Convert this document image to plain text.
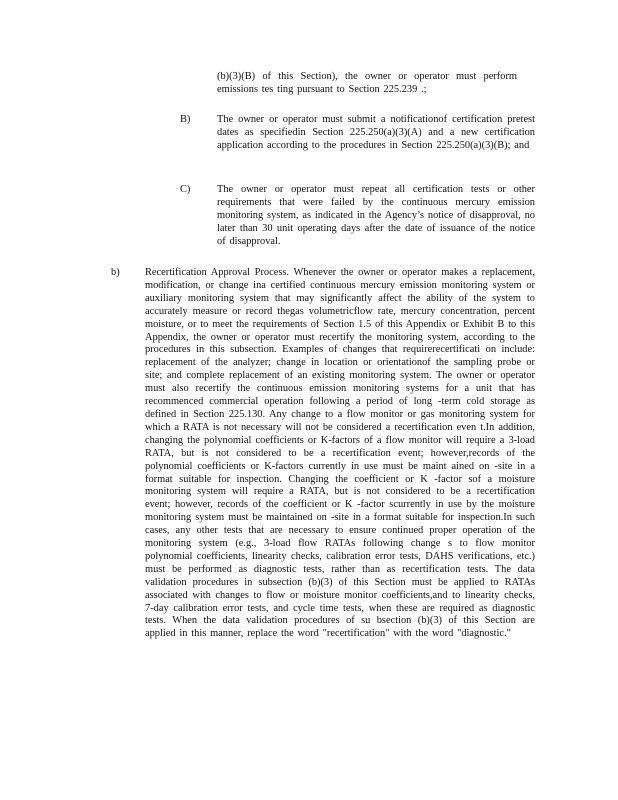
(b)(3)(B) of this Section), the owner or operator must perform emissions tes ting pursuant to Section 225.239 .;
B)	The owner or operator must submit a notificationof certification pretest dates as specifiedin Section 225.250(a)(3)(A) and a new certification application according to the procedures in Section 225.250(a)(3)(B); and
C)	The owner or operator must repeat all certification tests or other requirements that were failed by the continuous mercury emission monitoring system, as indicated in the Agency’s notice of disapproval, no later than 30 unit operating days after the date of issuance of the notice of disapproval.
b) Recertification Approval Process. Whenever the owner or operator makes a replacement, modification, or change ina certified continuous mercury emission monitoring system or auxiliary monitoring system that may significantly affect the ability of the system to accurately measure or record thegas volumetricflow rate, mercury concentration, percent moisture, or to meet the requirements of Section 1.5 of this Appendix or Exhibit B to this Appendix, the owner or operator must recertify the monitoring system, according to the procedures in this subsection. Examples of changes that requirerecertificati on include: replacement of the analyzer; change in location or orientationof the sampling probe or site; and complete replacement of an existing monitoring system. The owner or operator must also recertify the continuous emission monitoring systems for a unit that has recommenced commercial operation following a period of long -term cold storage as defined in Section 225.130. Any change to a flow monitor or gas monitoring system for which a RATA is not necessary will not be considered a recertification even t.In addition, changing the polynomial coefficients or K-factors of a flow monitor will require a 3-load RATA, but is not considered to be a recertification event; however,records of the polynomial coefficients or K-factors currently in use must be maint ained on -site in a format suitable for inspection. Changing the coefficient or K -factor sof a moisture monitoring system will require a RATA, but is not considered to be a recertification event; however, records of the coefficient or K -factor scurrently in use by the moisture monitoring system must be maintained on -site in a format suitable for inspection.In such cases, any other tests that are necessary to ensure continued proper operation of the monitoring system (e.g., 3-load flow RATAs following change s to flow monitor polynomial coefficients, linearity checks, calibration error tests, DAHS verifications, etc.) must be performed as diagnostic tests, rather than as recertification tests. The data validation procedures in subsection (b)(3) of this Section must be applied to RATAs associated with changes to flow or moisture monitor coefficients,and to linearity checks, 7-day calibration error tests, and cycle time tests, when these are required as diagnostic tests. When the data validation procedures of su bsection (b)(3) of this Section are applied in this manner, replace the word "recertification" with the word "diagnostic."
